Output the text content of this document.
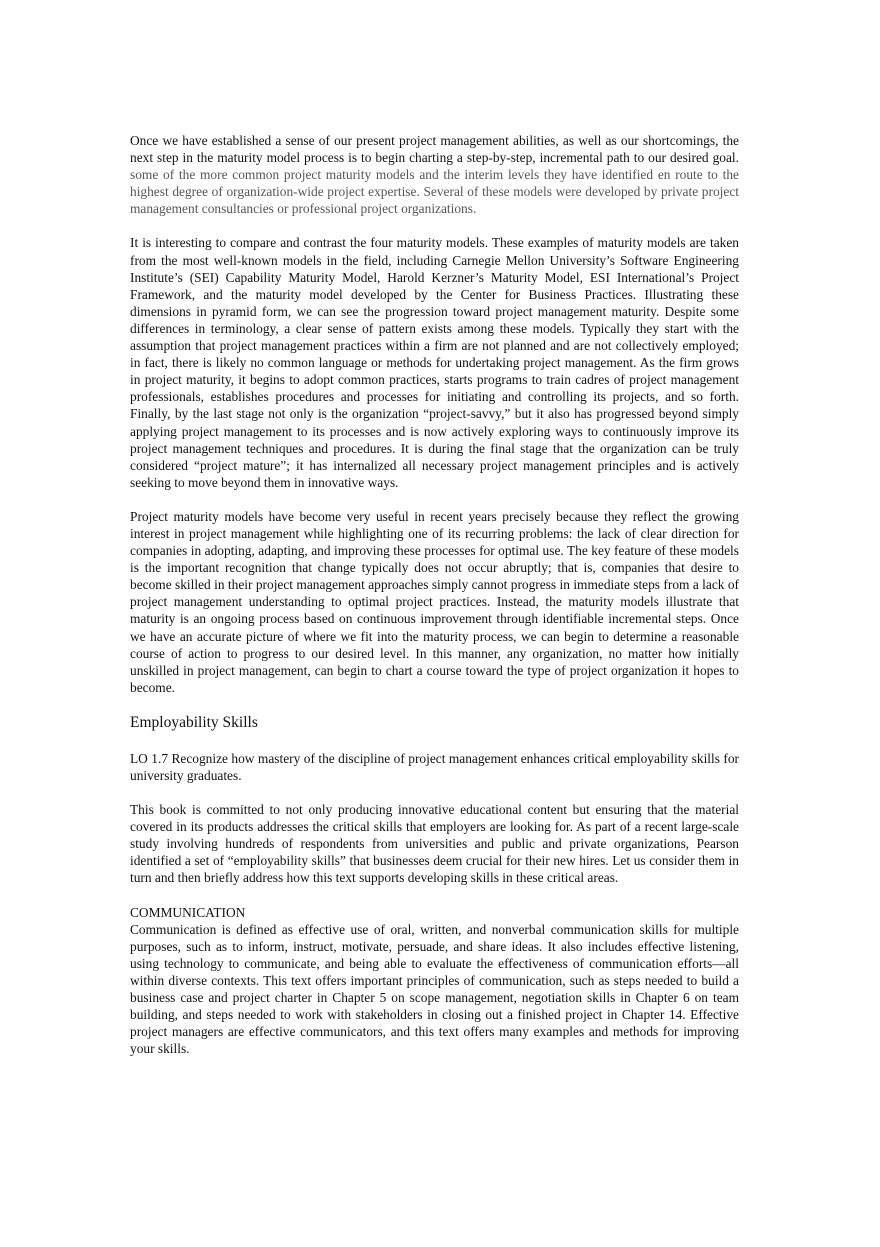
Once we have established a sense of our present project management abilities, as well as our shortcomings, the next step in the maturity model process is to begin charting a step-by-step, incremental path to our desired goal. some of the more common project maturity models and the interim levels they have identified en route to the highest degree of organization-wide project expertise. Several of these models were developed by private project management consultancies or professional project organizations.

It is interesting to compare and contrast the four maturity models. These examples of maturity models are taken from the most well-known models in the field, including Carnegie Mellon University’s Software Engineering Institute’s (SEI) Capability Maturity Model, Harold Kerzner’s Maturity Model, ESI International’s Project Framework, and the maturity model developed by the Center for Business Practices. Illustrating these dimensions in pyramid form, we can see the progression toward project management maturity. Despite some differences in terminology, a clear sense of pattern exists among these models. Typically they start with the assumption that project management practices within a firm are not planned and are not collectively employed; in fact, there is likely no common language or methods for undertaking project management. As the firm grows in project maturity, it begins to adopt common practices, starts programs to train cadres of project management professionals, establishes procedures and processes for initiating and controlling its projects, and so forth. Finally, by the last stage not only is the organization “project-savvy,” but it also has progressed beyond simply applying project management to its processes and is now actively exploring ways to continuously improve its project management techniques and procedures. It is during the final stage that the organization can be truly considered “project mature”; it has internalized all necessary project management principles and is actively seeking to move beyond them in innovative ways.

Project maturity models have become very useful in recent years precisely because they reflect the growing interest in project management while highlighting one of its recurring problems: the lack of clear direction for companies in adopting, adapting, and improving these processes for optimal use. The key feature of these models is the important recognition that change typically does not occur abruptly; that is, companies that desire to become skilled in their project management approaches simply cannot progress in immediate steps from a lack of project management understanding to optimal project practices. Instead, the maturity models illustrate that maturity is an ongoing process based on continuous improvement through identifiable incremental steps. Once we have an accurate picture of where we fit into the maturity process, we can begin to determine a reasonable course of action to progress to our desired level. In this manner, any organization, no matter how initially unskilled in project management, can begin to chart a course toward the type of project organization it hopes to become.

Employability Skills

LO 1.7 Recognize how mastery of the discipline of project management enhances critical employability skills for university graduates.

This book is committed to not only producing innovative educational content but ensuring that the material covered in its products addresses the critical skills that employers are looking for. As part of a recent large-scale study involving hundreds of respondents from universities and public and private organizations, Pearson identified a set of “employability skills” that businesses deem crucial for their new hires. Let us consider them in turn and then briefly address how this text supports developing skills in these critical areas.

COMMUNICATION

Communication is defined as effective use of oral, written, and nonverbal communication skills for multiple purposes, such as to inform, instruct, motivate, persuade, and share ideas. It also includes effective listening, using technology to communicate, and being able to evaluate the effectiveness of communication efforts—all within diverse contexts. This text offers important principles of communication, such as steps needed to build a business case and project charter in Chapter 5 on scope management, negotiation skills in Chapter 6 on team building, and steps needed to work with stakeholders in closing out a finished project in Chapter 14. Effective project managers are effective communicators, and this text offers many examples and methods for improving your skills.
